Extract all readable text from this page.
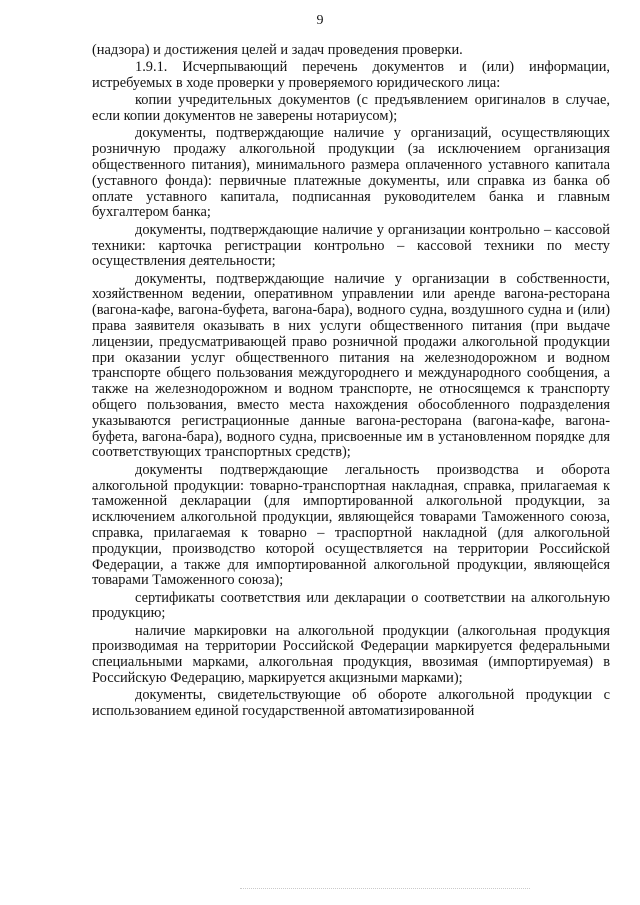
9

(надзора) и достижения целей и задач проведения проверки.

1.9.1. Исчерпывающий перечень документов и (или) информации, истребуемых в ходе проверки у проверяемого юридического лица:

копии учредительных документов (с предъявлением оригиналов в случае, если копии документов не заверены нотариусом);

документы, подтверждающие наличие у организаций, осуществляющих розничную продажу алкогольной продукции (за исключением организация общественного питания), минимального размера оплаченного уставного капитала (уставного фонда): первичные платежные документы, или справка из банка об оплате уставного капитала, подписанная руководителем банка и главным бухгалтером банка;

документы, подтверждающие наличие у организации контрольно – кассовой техники: карточка регистрации контрольно – кассовой техники по месту осуществления деятельности;

документы, подтверждающие наличие у организации в собственности, хозяйственном ведении, оперативном управлении или аренде вагона-ресторана (вагона-кафе, вагона-буфета, вагона-бара), водного судна, воздушного судна и (или) права заявителя оказывать в них услуги общественного питания (при выдаче лицензии, предусматривающей право розничной продажи алкогольной продукции при оказании услуг общественного питания на железнодорожном и водном транспорте общего пользования междугороднего и международного сообщения, а также на железнодорожном и водном транспорте, не относящемся к транспорту общего пользования, вместо места нахождения обособленного подразделения указываются регистрационные данные вагона-ресторана (вагона-кафе, вагона-буфета, вагона-бара), водного судна, присвоенные им в установленном порядке для соответствующих транспортных средств);

документы подтверждающие легальность производства и оборота алкогольной продукции: товарно-транспортная накладная, справка, прилагаемая к таможенной декларации (для импортированной алкогольной продукции, за исключением алкогольной продукции, являющейся товарами Таможенного союза, справка, прилагаемая к товарно – траспортной накладной (для алкогольной продукции, производство которой осуществляется на территории Российской Федерации, а также для импортированной алкогольной продукции, являющейся товарами Таможенного союза);

сертификаты соответствия или декларации о соответствии на алкогольную продукцию;

наличие маркировки на алкогольной продукции (алкогольная продукция производимая на территории Российской Федерации маркируется федеральными специальными марками, алкогольная продукция, ввозимая (импортируемая) в Российскую Федерацию, маркируется акцизными марками);

документы, свидетельствующие об обороте алкогольной продукции с использованием единой государственной автоматизированной
